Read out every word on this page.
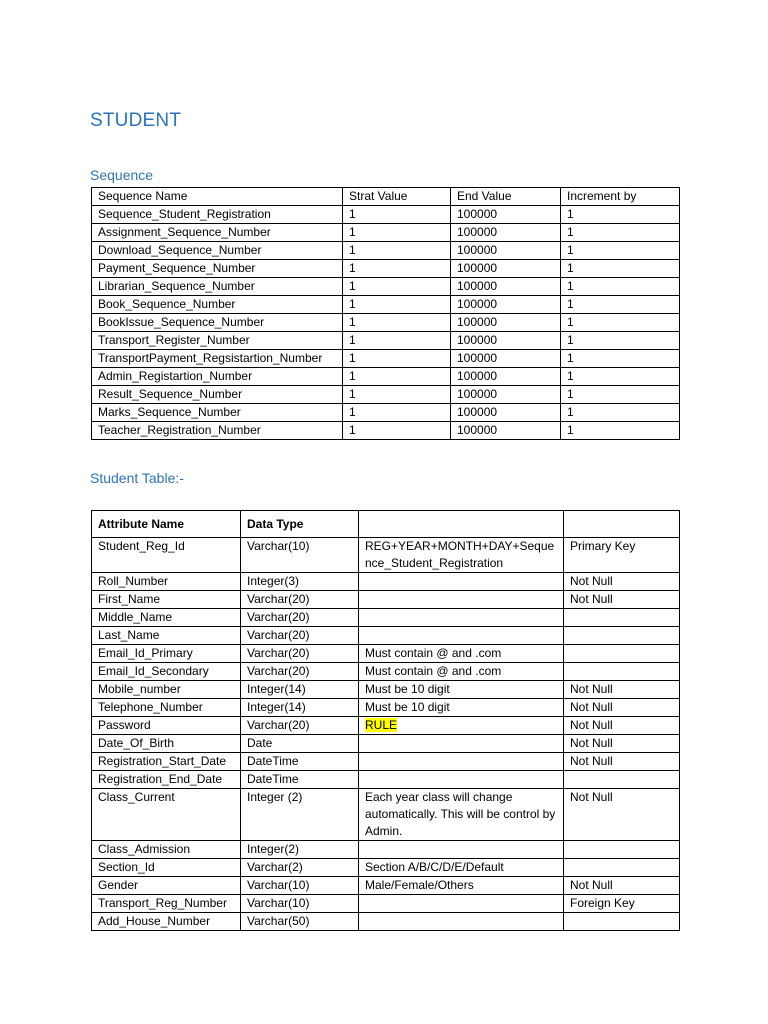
STUDENT
Sequence
Sequence Name	Strat Value	End Value	Increment by
Sequence_Student_Registration	1	100000	1
Assignment_Sequence_Number	1	100000	1
Download_Sequence_Number	1	100000	1
Payment_Sequence_Number	1	100000	1
Librarian_Sequence_Number	1	100000	1
Book_Sequence_Number	1	100000	1
BookIssue_Sequence_Number	1	100000	1
Transport_Register_Number	1	100000	1
TransportPayment_Regsistartion_Number	1	100000	1
Admin_Registartion_Number	1	100000	1
Result_Sequence_Number	1	100000	1
Marks_Sequence_Number	1	100000	1
Teacher_Registration_Number	1	100000	1
Student Table:-
Attribute Name	Data Type		
Student_Reg_Id	Varchar(10)	REG+YEAR+MONTH+DAY+Sequence_Student_Registration	Primary Key
Roll_Number	Integer(3)		Not Null
First_Name	Varchar(20)		Not Null
Middle_Name	Varchar(20)		
Last_Name	Varchar(20)		
Email_Id_Primary	Varchar(20)	Must contain @ and .com	
Email_Id_Secondary	Varchar(20)	Must contain @ and .com	
Mobile_number	Integer(14)	Must be 10 digit	Not Null
Telephone_Number	Integer(14)	Must be 10 digit	Not Null
Password	Varchar(20)	RULE	Not Null
Date_Of_Birth	Date		Not Null
Registration_Start_Date	DateTime		Not Null
Registration_End_Date	DateTime		
Class_Current	Integer (2)	Each year class will change automatically. This will be control by Admin.	Not Null
Class_Admission	Integer(2)		
Section_Id	Varchar(2)	Section A/B/C/D/E/Default	
Gender	Varchar(10)	Male/Female/Others	Not Null
Transport_Reg_Number	Varchar(10)		Foreign Key
Add_House_Number	Varchar(50)		
